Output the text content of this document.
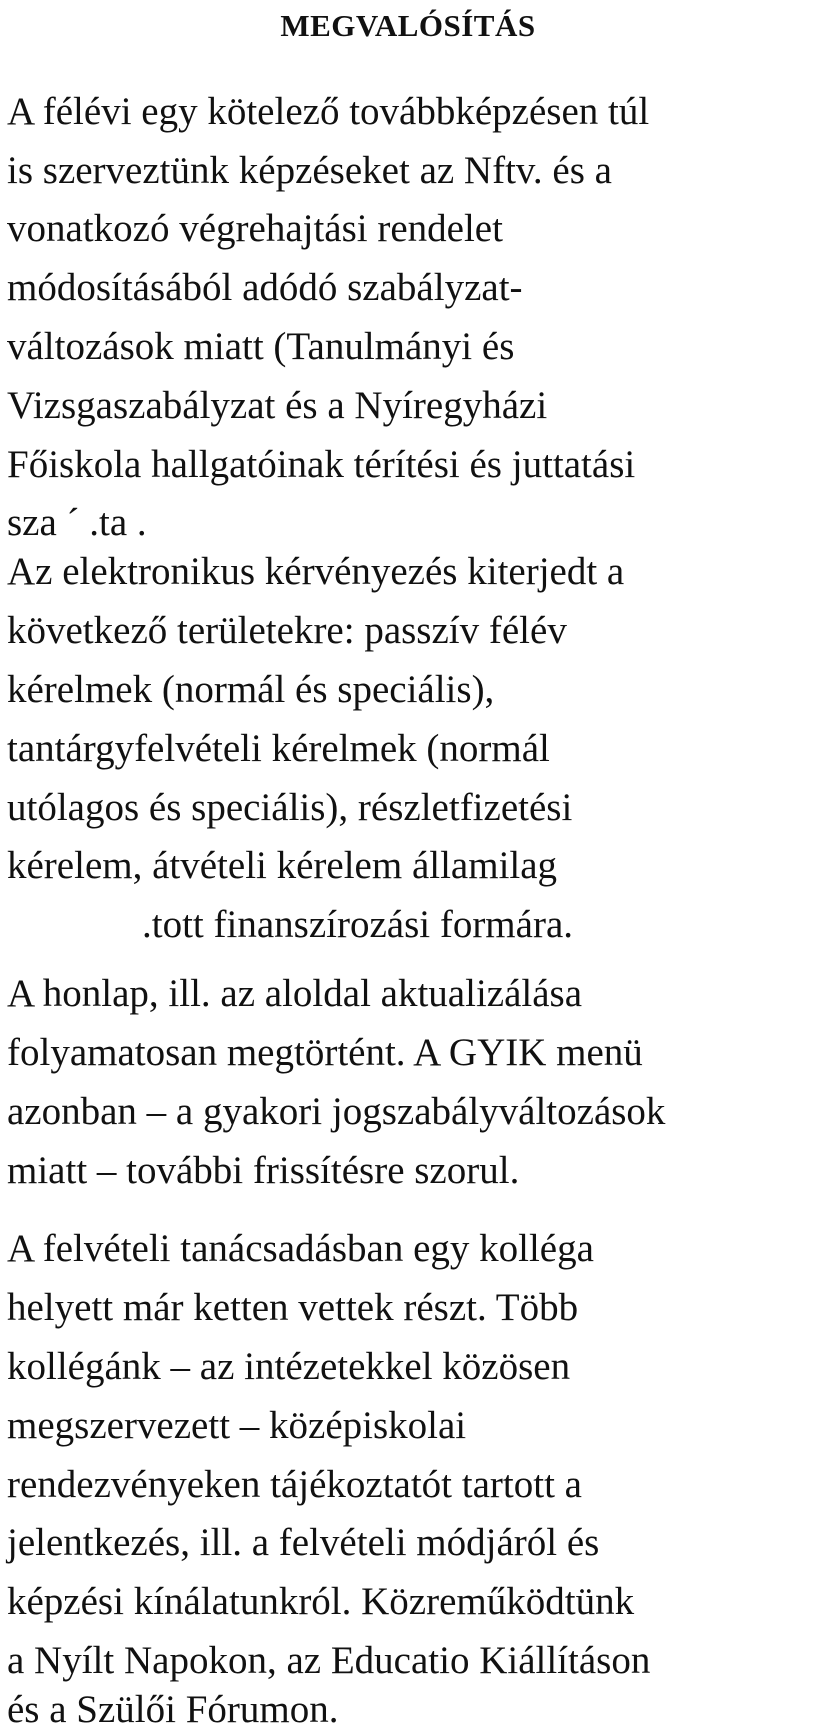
MEGVALÓSÍTÁS

A félévi egy kötelező továbbképzésen túl

is szerveztünk képzéseket az Nftv. és a

vonatkozó végrehajtási rendelet

módosításából adódó szabályzat-

változások miatt (Tanulmányi és

Vizsgaszabályzat és a Nyíregyházi

Főiskola hallgatóinak térítési és juttatási

sza ´ .ta .

Az elektronikus kérvényezés kiterjedt a

következő területekre: passzív félév

kérelmek (normál és speciális),

tantárgyfelvételi kérelmek (normál

utólagos és speciális), részletfizetési

kérelem, átvételi kérelem államilag

.tott finanszírozási formára.

A honlap, ill. az aloldal aktualizálása

folyamatosan megtörtént. A GYIK menü

azonban – a gyakori jogszabályváltozások

miatt – további frissítésre szorul.

A felvételi tanácsadásban egy kolléga

helyett már ketten vettek részt. Több

kollégánk – az intézetekkel közösen

megszervezett – középiskolai

rendezvényeken tájékoztatót tartott a

jelentkezés, ill. a felvételi módjáról és

képzési kínálatunkról. Közreműködtünk

a Nyílt Napokon, az Educatio Kiállításon

és a Szülői Fórumon.
